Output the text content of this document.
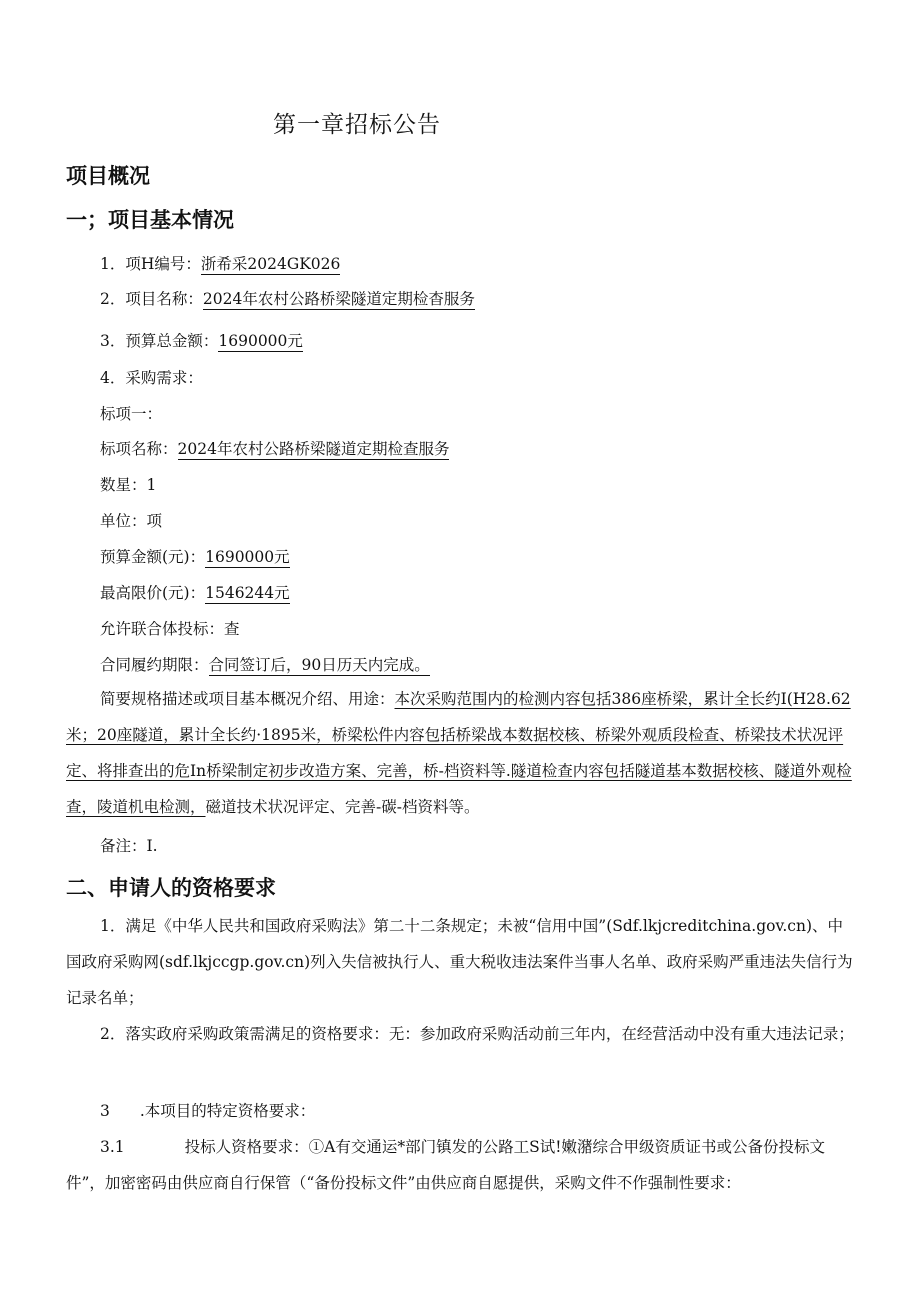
第一章招标公告
项目概况
一；项目基本情况
1．项H编号：浙希采2024GK026
2．项目名称：2024年农村公路桥梁隧道定期检杳服务
3．预算总金额：1690000元
4．采购需求：
标项一：
标项名称：2024年农村公路桥梁隧道定期检查服务
数星：1
单位：项
预算金额(元)：1690000元
最高限价(元)：1546244元
允许联合体投标：查
合同履约期限：合同签订后，90日历天内完成。
简要规格描述或项目基本概况介绍、用途：本次采购范围内的检测内容包括386座桥梁，累计全长约I(H28.62米；20座隧道，累计全长约·1895米，桥梁松件内容包括桥梁战本数据校核、桥梁外观质段检查、桥梁技术状况评定、将排查出的危In桥梁制定初步改造方案、完善，桥-档资料等.隧道检查内容包括隧道基本数据校核、隧道外观检查，陵道机电检测，磁道技术状况评定、完善-碳-档资料等。
备注：I.
二、申请人的资格要求
1．满足《中华人民共和国政府采购法》第二十二条规定；未被“信用中国”(Sdf.lkjcreditchina.gov.cn)、中国政府采购网(sdf.lkjccgp.gov.cn)列入失信被执行人、重大税收违法案件当事人名单、政府采购严重违法失信行为记录名单；
2．落实政府采购政策需满足的资格要求：无：参加政府采购活动前三年内，在经营活动中没有重大违法记录；
3 .本项目的特定资格要求：
3.1	投标人资格要求：①A有交通运*部门镇发的公路工S试!嫩潴综合甲级资质证书或公备份投标文件”，加密密码由供应商自行保管（“备份投标文件”由供应商自愿提供，采购文件不作强制性要求：
